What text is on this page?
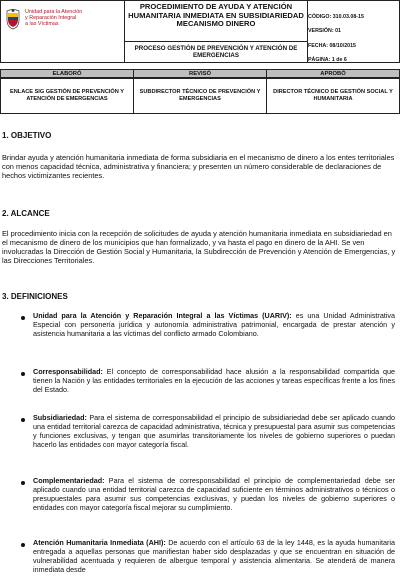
Unidad para la Atención
y Reparación Integral
a las Víctimas
PROCEDIMIENTO DE AYUDA Y ATENCIÓN HUMANITARIA INMEDIATA EN SUBSIDIARIEDAD MECANISMO DINERO
PROCESO GESTIÓN DE PREVENCIÓN Y ATENCIÓN DE EMERGENCIAS
CÓDIGO: 310.03.08-15
VERSIÓN: 01
FECHA: 08/10/2015
PÁGINA: 1 de 6
ELABORÓ	REVISÓ	APROBÓ
ENLACE SIG GESTIÓN DE PREVENCIÓN Y ATENCIÓN DE EMERGENCIAS
SUBDIRECTOR TÉCNICO DE PREVENCIÓN Y EMERGENCIAS
DIRECTOR TÉCNICO DE GESTIÓN SOCIAL Y HUMANITARIA
1. OBJETIVO
Brindar ayuda y atención humanitaria inmediata de forma subsidiaria en el mecanismo de dinero a los entes territoriales con menos capacidad técnica, administrativa y financiera; y presenten un número considerable de declaraciones de hechos victimizantes recientes.
2. ALCANCE
El procedimiento inicia con la recepción de solicitudes de ayuda y atención humanitaria inmediata en subsidiariedad en el mecanismo de dinero de los municipios que han formalizado, y va hasta el pago en dinero de la AHI. Se ven involucradas la Dirección de Gestión Social y Humanitaria, la Subdirección de Prevención y Atención de Emergencias, y las Direcciones Territoriales.
3. DEFINICIONES
Unidad para la Atención y Reparación Integral a las Víctimas (UARIV): es una Unidad Administrativa Especial con personería jurídica y autonomía administrativa patrimonial, encargada de prestar atención y asistencia humanitaria a las víctimas del conflicto armado Colombiano.
Corresponsabilidad: El concepto de corresponsabilidad hace alusión a la responsabilidad compartida que tienen la Nación y las entidades territoriales en la ejecución de las acciones y tareas específicas frente a los fines del Estado.
Subsidiariedad: Para el sistema de corresponsabilidad el principio de subsidiariedad debe ser aplicado cuando una entidad territorial carezca de capacidad administrativa, técnica y presupuestal para asumir sus competencias y funciones exclusivas, y tengan que asumirlas transitoriamente los niveles de gobierno superiores o puedan hacerlo las entidades con mayor categoría fiscal.
Complementariedad: Para el sistema de corresponsabilidad el principio de complementariedad debe ser aplicado cuando una entidad territorial carezca de capacidad suficiente en términos administrativos o técnicos o presupuestales para asumir sus competencias exclusivas, y puedan los niveles de gobierno superiores o entidades con mayor categoría fiscal mejorar su cumplimiento.
Atención Humanitaria Inmediata (AHI): De acuerdo con el artículo 63 de la ley 1448, es la ayuda humanitaria entregada a aquellas personas que manifiestan haber sido desplazadas y que se encuentran en situación de vulnerabilidad acentuada y requieren de albergue temporal y asistencia alimentaria. Se atenderá de manera inmediata desde
